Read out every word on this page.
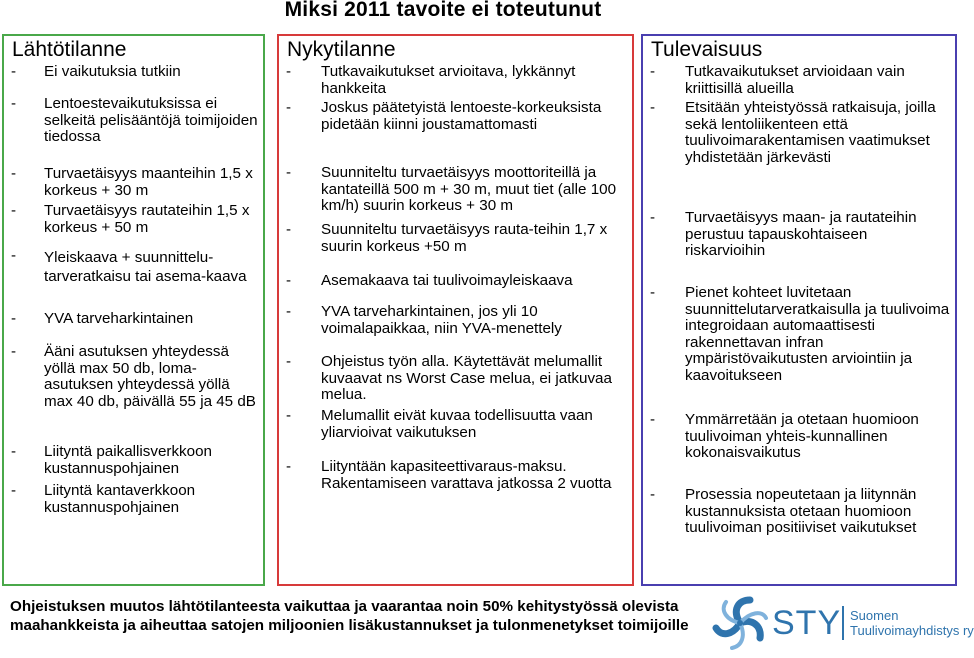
Miksi 2011 tavoite ei toteutunut
Lähtötilanne
- Ei vaikutuksia tutkiin
- Lentoestevaikutuksissa ei selkeitä pelisääntöjä toimijoiden tiedossa
- Turvaetäisyys maanteihin 1,5 x korkeus + 30 m
- Turvaetäisyys rautateihin 1,5 x korkeus + 50 m
- Yleiskaava + suunnittelu-tarveratkaisu tai asema-kaava
- YVA tarveharkintainen
- Ääni asutuksen yhteydessä yöllä max 50 db, loma-asutuksen yhteydessä yöllä max 40 db, päivällä 55 ja 45 dB
- Liityntä paikallisverkkoon kustannuspohjainen
- Liityntä kantaverkkoon kustannuspohjainen
Nykytilanne
- Tutkavaikutukset arvioitava, lykkännyt hankkeita
- Joskus päätetyistä lentoeste-korkeuksista pidetään kiinni joustamattomasti
- Suunniteltu turvaetäisyys moottoriteillä ja kantateillä 500 m + 30 m, muut tiet (alle 100 km/h) suurin korkeus + 30 m
- Suunniteltu turvaetäisyys rauta-teihin 1,7 x suurin korkeus +50 m
- Asemakaava tai tuulivoimayleiskaava
- YVA tarveharkintainen, jos yli 10 voimalapaikkaa, niin YVA-menettely
- Ohjeistus työn alla. Käytettävät melumallit kuvaavat ns Worst Case melua, ei jatkuvaa melua.
- Melumallit eivät kuvaa todellisuutta vaan yliarvioivat vaikutuksen
- Liityntään kapasiteettivaraus-maksu. Rakentamiseen varattava jatkossa 2 vuotta
Tulevaisuus
- Tutkavaikutukset arvioidaan vain kriittisillä alueilla
- Etsitään yhteistyössä ratkaisuja, joilla sekä lentoliikenteen että tuulivoimarakentamisen vaatimukset yhdistetään järkevästi
- Turvaetäisyys maan- ja rautateihin perustuu tapauskohtaiseen riskarvioihin
- Pienet kohteet luvitetaan suunnittelutarveratkaisulla ja tuulivoima integroidaan automaattisesti rakennettavan infran ympäristövaikutusten arviointiin ja kaavoitukseen
- Ymmärretään ja otetaan huomioon tuulivoiman yhteis-kunnallinen kokonaisvaikutus
- Prosessia nopeutetaan ja liitynnän kustannuksista otetaan huomioon tuulivoiman positiiviset vaikutukset
Ohjeistuksen muutos lähtötilanteesta vaikuttaa ja vaarantaa noin 50% kehitystyössä olevista maahankkeista ja aiheuttaa satojen miljoonien lisäkustannukset ja tulonmenetykset toimijoille	STY Suomen
Tuulivoimayhdistys ry
